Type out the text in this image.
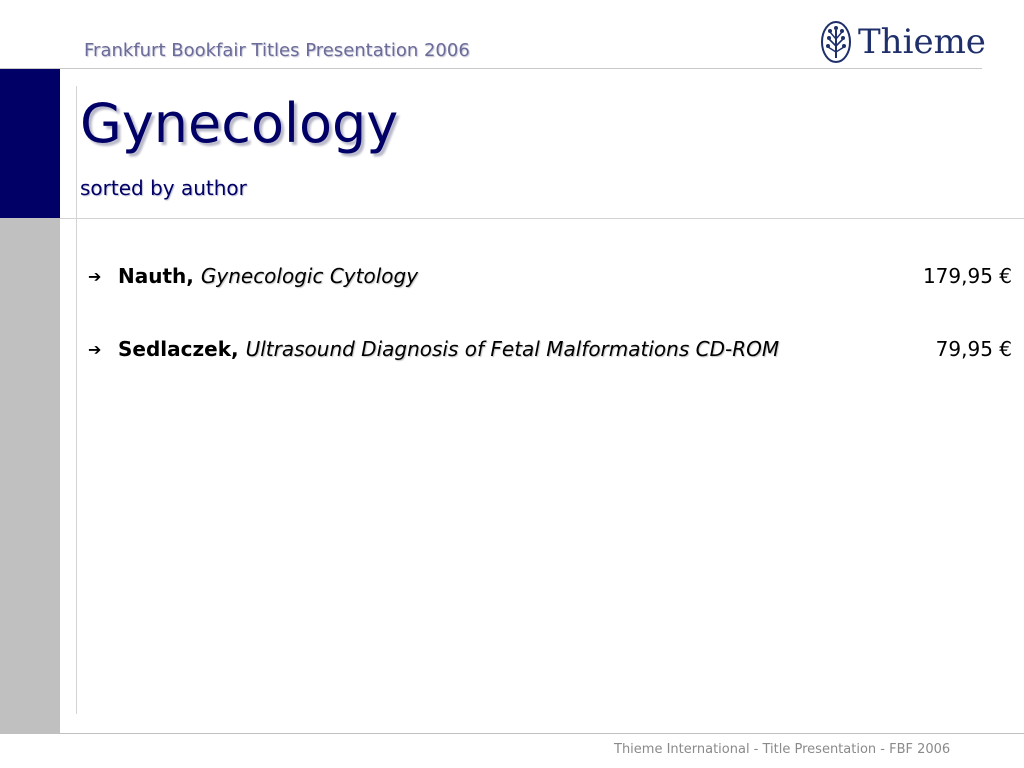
Frankfurt Bookfair Titles Presentation 2006	Thieme
Gynecology
sorted by author
➔ Nauth, Gynecologic Cytology	179,95 €
➔ Sedlaczek, Ultrasound Diagnosis of Fetal Malformations CD-ROM	79,95 €
Thieme International - Title Presentation - FBF 2006
